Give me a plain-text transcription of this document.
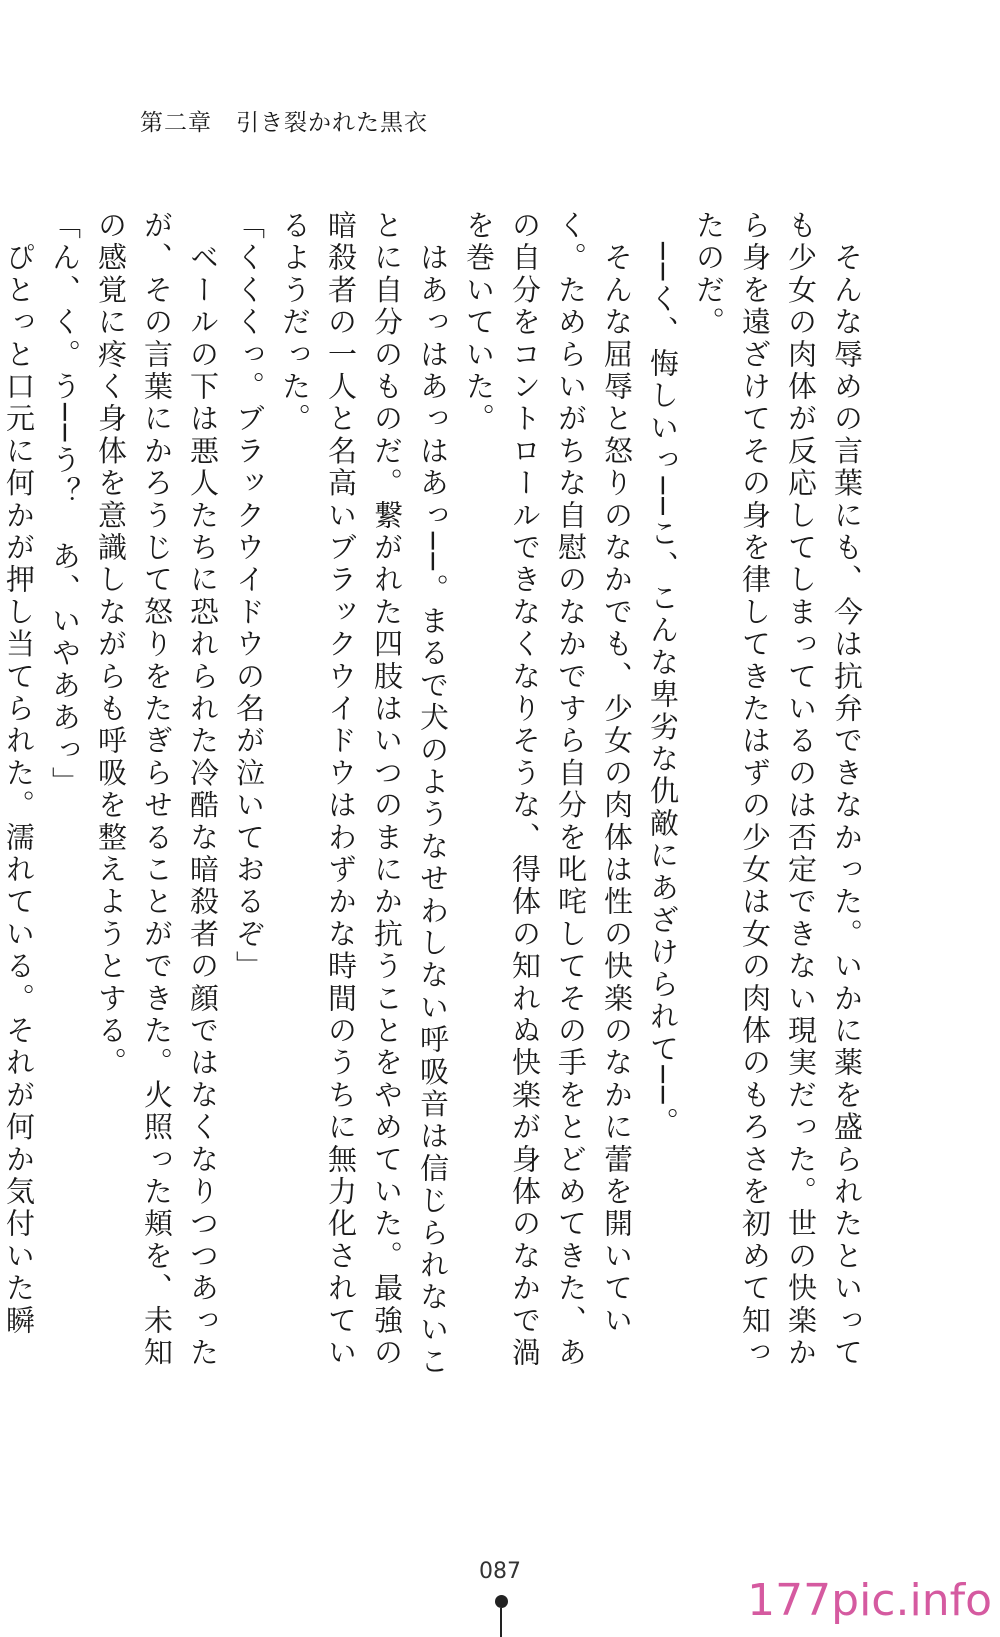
第二章　引き裂かれた黒衣

　そんな辱めの言葉にも、今は抗弁できなかった。いかに薬を盛られたといっても少女の肉体が反応してしまっているのは否定できない現実だった。世の快楽から身を遠ざけてその身を律してきたはずの少女は女の肉体のもろさを初めて知ったのだ。

　──く、悔しいっ──こ、こんな卑劣な仇敵にあざけられて──。

　そんな屈辱と怒りのなかでも、少女の肉体は性の快楽のなかに蕾を開いていく。ためらいがちな自慰のなかですら自分を叱咤してその手をとどめてきた、あの自分をコントロールできなくなりそうな、得体の知れぬ快楽が身体のなかで渦を巻いていた。

　はあっはあっはあっ──。まるで犬のようなせわしない呼吸音は信じられないことに自分のものだ。繋がれた四肢はいつのまにか抗うことをやめていた。最強の暗殺者の一人と名高いブラックウイドウはわずかな時間のうちに無力化されているようだった。

「くくくっ。ブラックウイドウの名が泣いておるぞ」

　ベールの下は悪人たちに恐れられた冷酷な暗殺者の顔ではなくなりつつあったが、その言葉にかろうじて怒りをたぎらせることができた。火照った頬を、未知の感覚に疼く身体を意識しながらも呼吸を整えようとする。

「ん、く。う──う？　あ、いやああっ」

　ぴとっと口元に何かが押し当てられた。濡れている。それが何か気付いた瞬

087
177pic.info
